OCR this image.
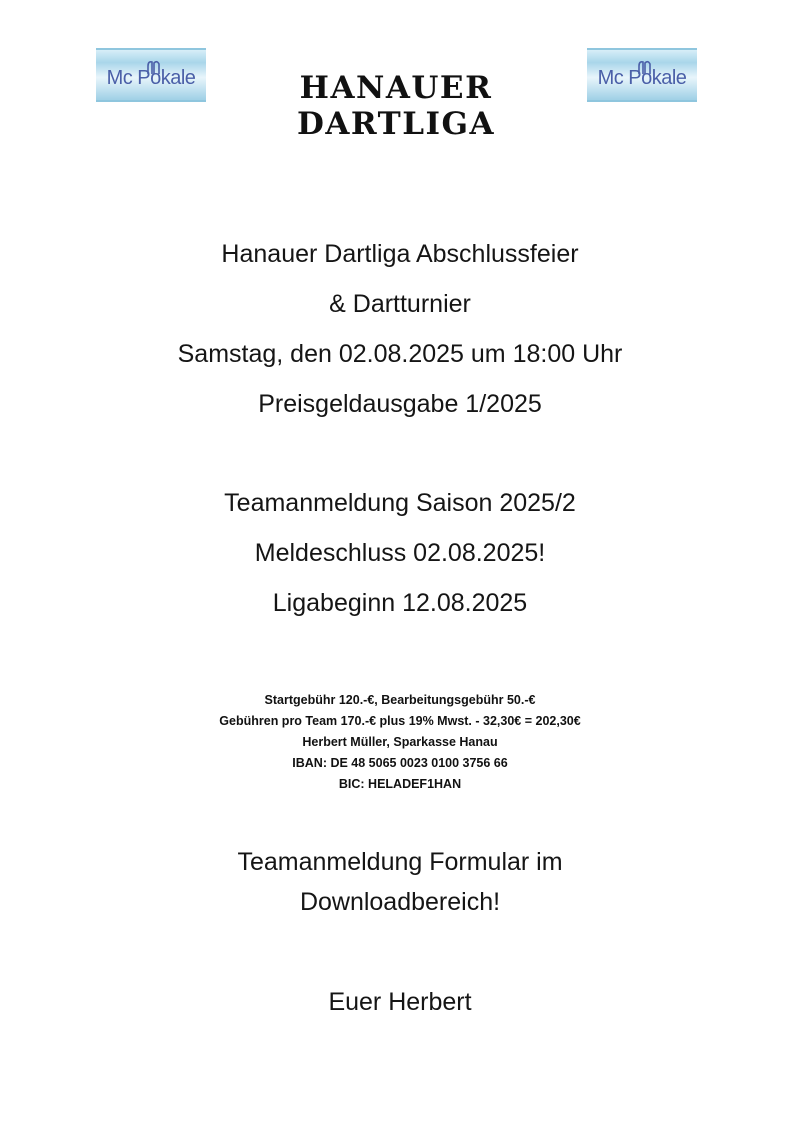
Mc Pokale	HANAUER DARTLIGA
Mc Pokale
Hanauer Dartliga Abschlussfeier
& Dartturnier
Samstag, den 02.08.2025 um 18:00 Uhr
Preisgeldausgabe 1/2025
Teamanmeldung Saison 2025/2
Meldeschluss 02.08.2025!
Ligabeginn 12.08.2025
Startgebühr 120.-€, Bearbeitungsgebühr 50.-€
Gebühren pro Team 170.-€ plus 19% Mwst. - 32,30€ = 202,30€
Herbert Müller, Sparkasse Hanau
IBAN: DE 48 5065 0023 0100 3756 66
BIC: HELADEF1HAN
Teamanmeldung Formular im
Downloadbereich!
Euer Herbert
